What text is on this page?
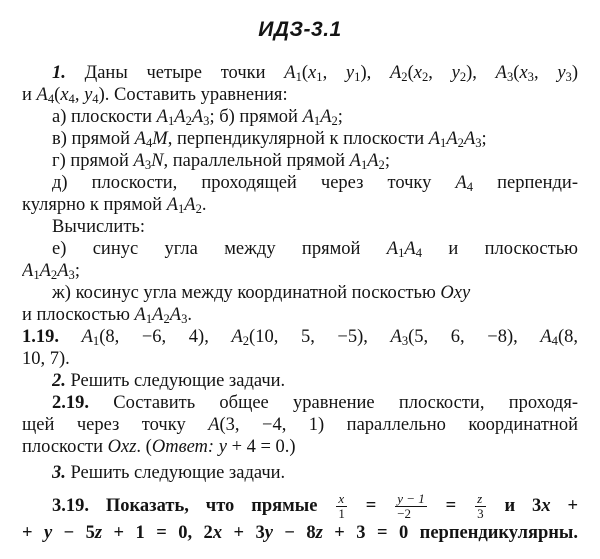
ИДЗ-3.1
1. Даны четыре точки $A_1(x_1$, $y_1$), $A_2(x_2$, $y_2$), $A_3(x_3$, $y_3$)
и $A_4(x_4$, $y_4$). Составить уравнения:
а) плоскости $A_1A_2A_3$; б) прямой $A_1A_2$;
в) прямой $A_4M$, перпендикулярной к плоскости $A_1A_2A_3$;
г) прямой $A_3N$, параллельной прямой $A_1A_2$;
д) плоскости, проходящей через точку $A_4$ перпенди-
кулярно к прямой $A_1A_2$.
Вычислить:
е) синус угла между прямой $A_1A_4$ и плоскостью
$A_1A_2A_3$;
ж) косинус угла между координатной поскостью Oxy
и плоскостью $A_1A_2A_3$.
1.19. $A_1(8$, −6, 4), $A_2(10$, 5, −5), $A_3(5$, 6, −8), $A_4(8$,
10, 7).
2. Решить следующие задачи.
2.19. Составить общее уравнение плоскости, проходя-
щей через точку A(3, −4, 1) параллельно координатной
плоскости Oxz. (Ответ: y + 4 = 0.)
3. Решить следующие задачи.
3.19. Показать, что прямые $\frac{x}{1} = \frac{y - 1}{-2} = \frac{z}{3}$ и 3x +
+ y − 5z + 1 = 0, 2x + 3y − 8z + 3 = 0 перпендикулярны.
